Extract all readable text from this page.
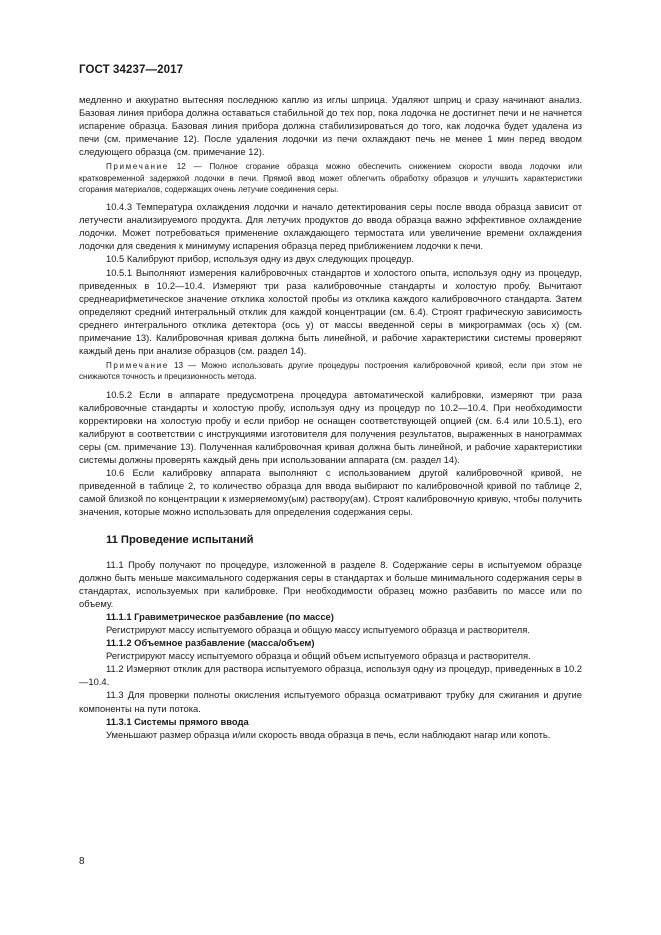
ГОСТ 34237—2017

медленно и аккуратно вытесняя последнюю каплю из иглы шприца. Удаляют шприц и сразу начинают анализ. Базовая линия прибора должна оставаться стабильной до тех пор, пока лодочка не достигнет печи и не начнется испарение образца. Базовая линия прибора должна стабилизироваться до того, как лодочка будет удалена из печи (см. примечание 12). После удаления лодочки из печи охлаждают печь не менее 1 мин перед вводом следующего образца (см. примечание 12).

Примечание 12 — Полное сгорание образца можно обеспечить снижением скорости ввода лодочки или кратковременной задержкой лодочки в печи. Прямой ввод может облегчить обработку образцов и улучшить характеристики сгорания материалов, содержащих очень летучие соединения серы.

10.4.3 Температура охлаждения лодочки и начало детектирования серы после ввода образца зависит от летучести анализируемого продукта. Для летучих продуктов до ввода образца важно эффективное охлаждение лодочки. Может потребоваться применение охлаждающего термостата или увеличение времени охлаждения лодочки для сведения к минимуму испарения образца перед приближением лодочки к печи.

10.5 Калибруют прибор, используя одну из двух следующих процедур.

10.5.1 Выполняют измерения калибровочных стандартов и холостого опыта, используя одну из процедур, приведенных в 10.2—10.4. Измеряют три раза калибровочные стандарты и холостую пробу. Вычитают среднеарифметическое значение отклика холостой пробы из отклика каждого калибровочного стандарта. Затем определяют средний интегральный отклик для каждой концентрации (см. 6.4). Строят графическую зависимость среднего интегрального отклика детектора (ось y) от массы введенной серы в микрограммах (ось x) (см. примечание 13). Калибровочная кривая должна быть линейной, и рабочие характеристики системы проверяют каждый день при анализе образцов (см. раздел 14).

Примечание 13 — Можно использовать другие процедуры построения калибровочной кривой, если при этом не снижаются точность и прецизионность метода.

10.5.2 Если в аппарате предусмотрена процедура автоматической калибровки, измеряют три раза калибровочные стандарты и холостую пробу, используя одну из процедур по 10.2—10.4. При необходимости корректировки на холостую пробу и если прибор не оснащен соответствующей опцией (см. 6.4 или 10.5.1), его калибруют в соответствии с инструкциями изготовителя для получения результатов, выраженных в нанограммах серы (см. примечание 13). Полученная калибровочная кривая должна быть линейной, и рабочие характеристики системы должны проверять каждый день при использовании аппарата (см. раздел 14).

10.6 Если калибровку аппарата выполняют с использованием другой калибровочной кривой, не приведенной в таблице 2, то количество образца для ввода выбирают по калибровочной кривой по таблице 2, самой близкой по концентрации к измеряемому(ым) раствору(ам). Строят калибровочную кривую, чтобы получить значения, которые можно использовать для определения содержания серы.

11 Проведение испытаний

11.1 Пробу получают по процедуре, изложенной в разделе 8. Содержание серы в испытуемом образце должно быть меньше максимального содержания серы в стандартах и больше минимального содержания серы в стандартах, используемых при калибровке. При необходимости образец можно разбавить по массе или по объему.

11.1.1 Гравиметрическое разбавление (по массе)

Регистрируют массу испытуемого образца и общую массу испытуемого образца и растворителя.

11.1.2 Объемное разбавление (масса/объем)

Регистрируют массу испытуемого образца и общий объем испытуемого образца и растворителя.

11.2 Измеряют отклик для раствора испытуемого образца, используя одну из процедур, приведенных в 10.2—10.4.

11.3 Для проверки полноты окисления испытуемого образца осматривают трубку для сжигания и другие компоненты на пути потока.

11.3.1 Системы прямого ввода

Уменьшают размер образца и/или скорость ввода образца в печь, если наблюдают нагар или копоть.

8
